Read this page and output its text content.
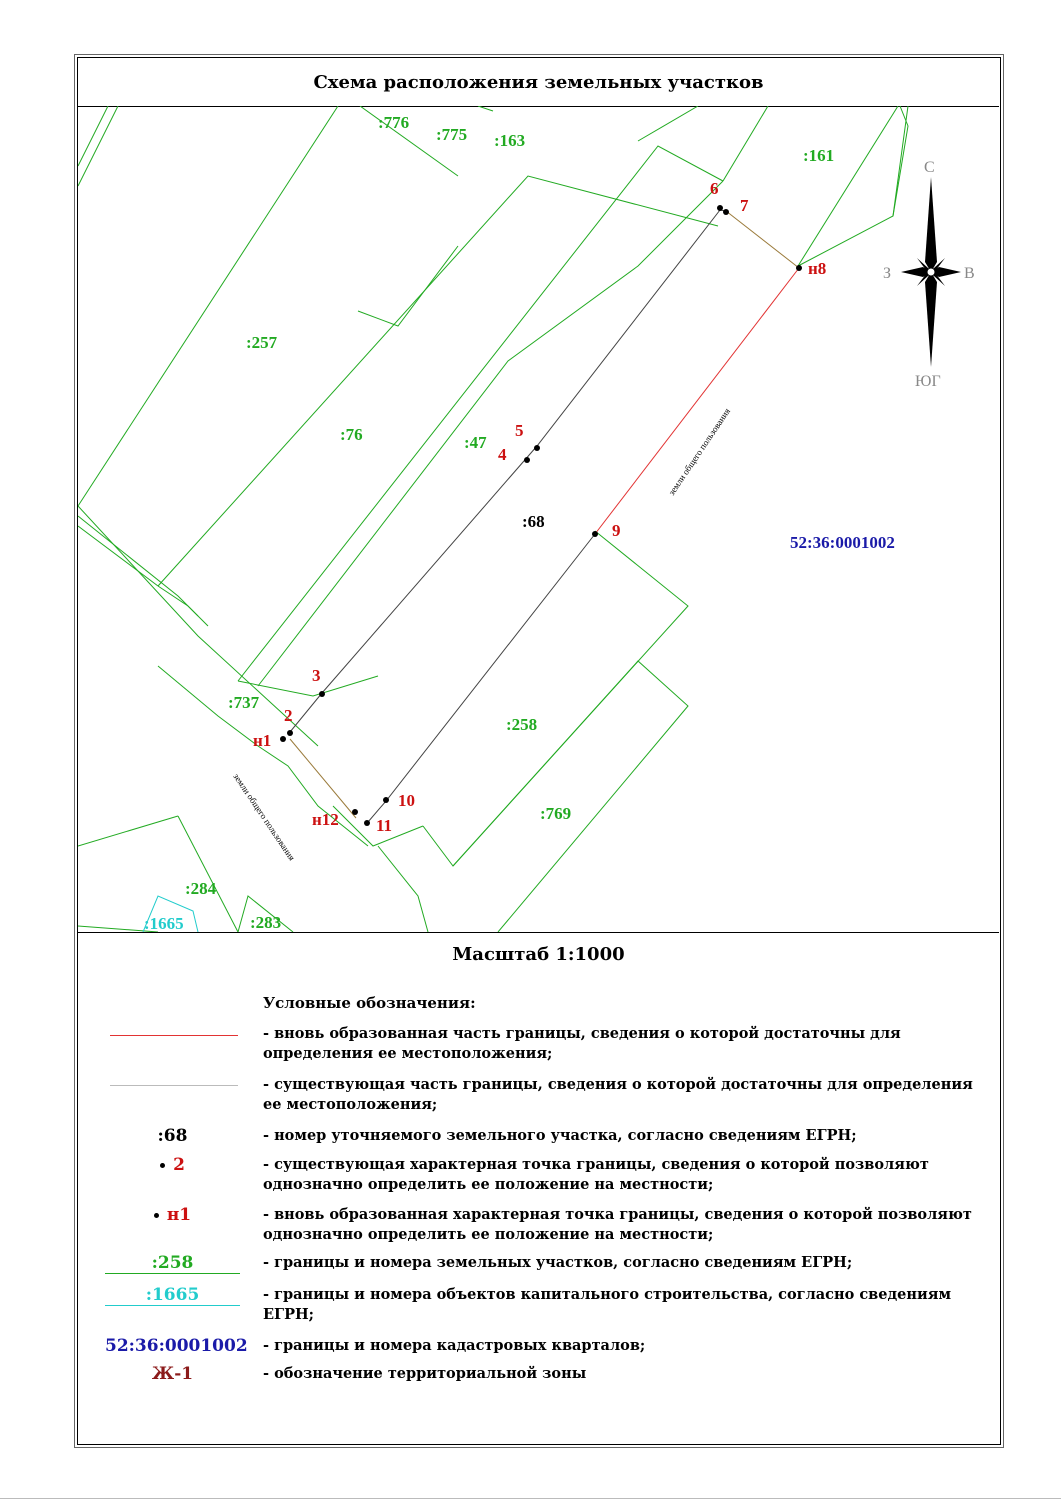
Схема расположения земельных участков
:776
:775 :163
:161
:257
:76	:47
:737
:258
:769
:284
:283
:1665
:68
52:36:0001002
земли общего пользования
земли общего пользования
6
7
н8
5
4
9
3
2
н1
10
н12 11
С
ЮГ
З	В
Масштаб 1:1000
Условные обозначения:
- вновь образованная часть границы, сведения о которой достаточны для определения ее местоположения;
- существующая часть границы, сведения о которой достаточны для определения ее местоположения;
:68	- номер уточняемого земельного участка, согласно сведениям ЕГРН;
2	- существующая характерная точка границы, сведения о которой позволяют однозначно определить ее положение на местности;
н1	- вновь образованная характерная точка границы, сведения о которой позволяют однозначно определить ее положение на местности;
:258	- границы и номера земельных участков, согласно сведениям ЕГРН;
:1665	- границы и номера объектов капитального строительства, согласно сведениям ЕГРН;
52:36:0001002 - границы и номера кадастровых кварталов;
Ж-1	- обозначение территориальной зоны
